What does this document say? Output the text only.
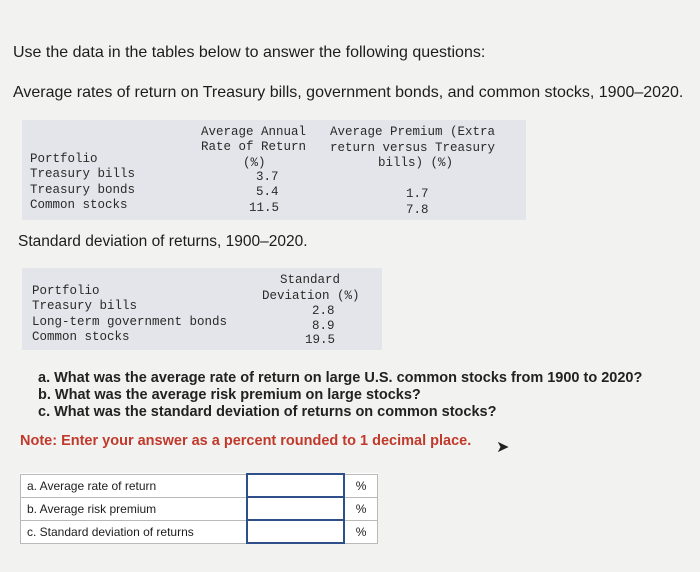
Use the data in the tables below to answer the following questions:
Average rates of return on Treasury bills, government bonds, and common stocks, 1900–2020.
Average Annual
Rate of Return
(%)
Average Premium (Extra
return versus Treasury
bills) (%)
Portfolio
Treasury bills	3.7
Treasury bonds	5.4	1.7
Common stocks	11.5	7.8
Standard deviation of returns, 1900–2020.
Standard
Deviation (%)
Portfolio
Treasury bills	2.8
Long-term government bonds	8.9
Common stocks	19.5
a. What was the average rate of return on large U.S. common stocks from 1900 to 2020?
b. What was the average risk premium on large stocks?
c. What was the standard deviation of returns on common stocks?
Note: Enter your answer as a percent rounded to 1 decimal place. ➤
a. Average rate of return		%
b. Average risk premium		%
c. Standard deviation of returns		%
